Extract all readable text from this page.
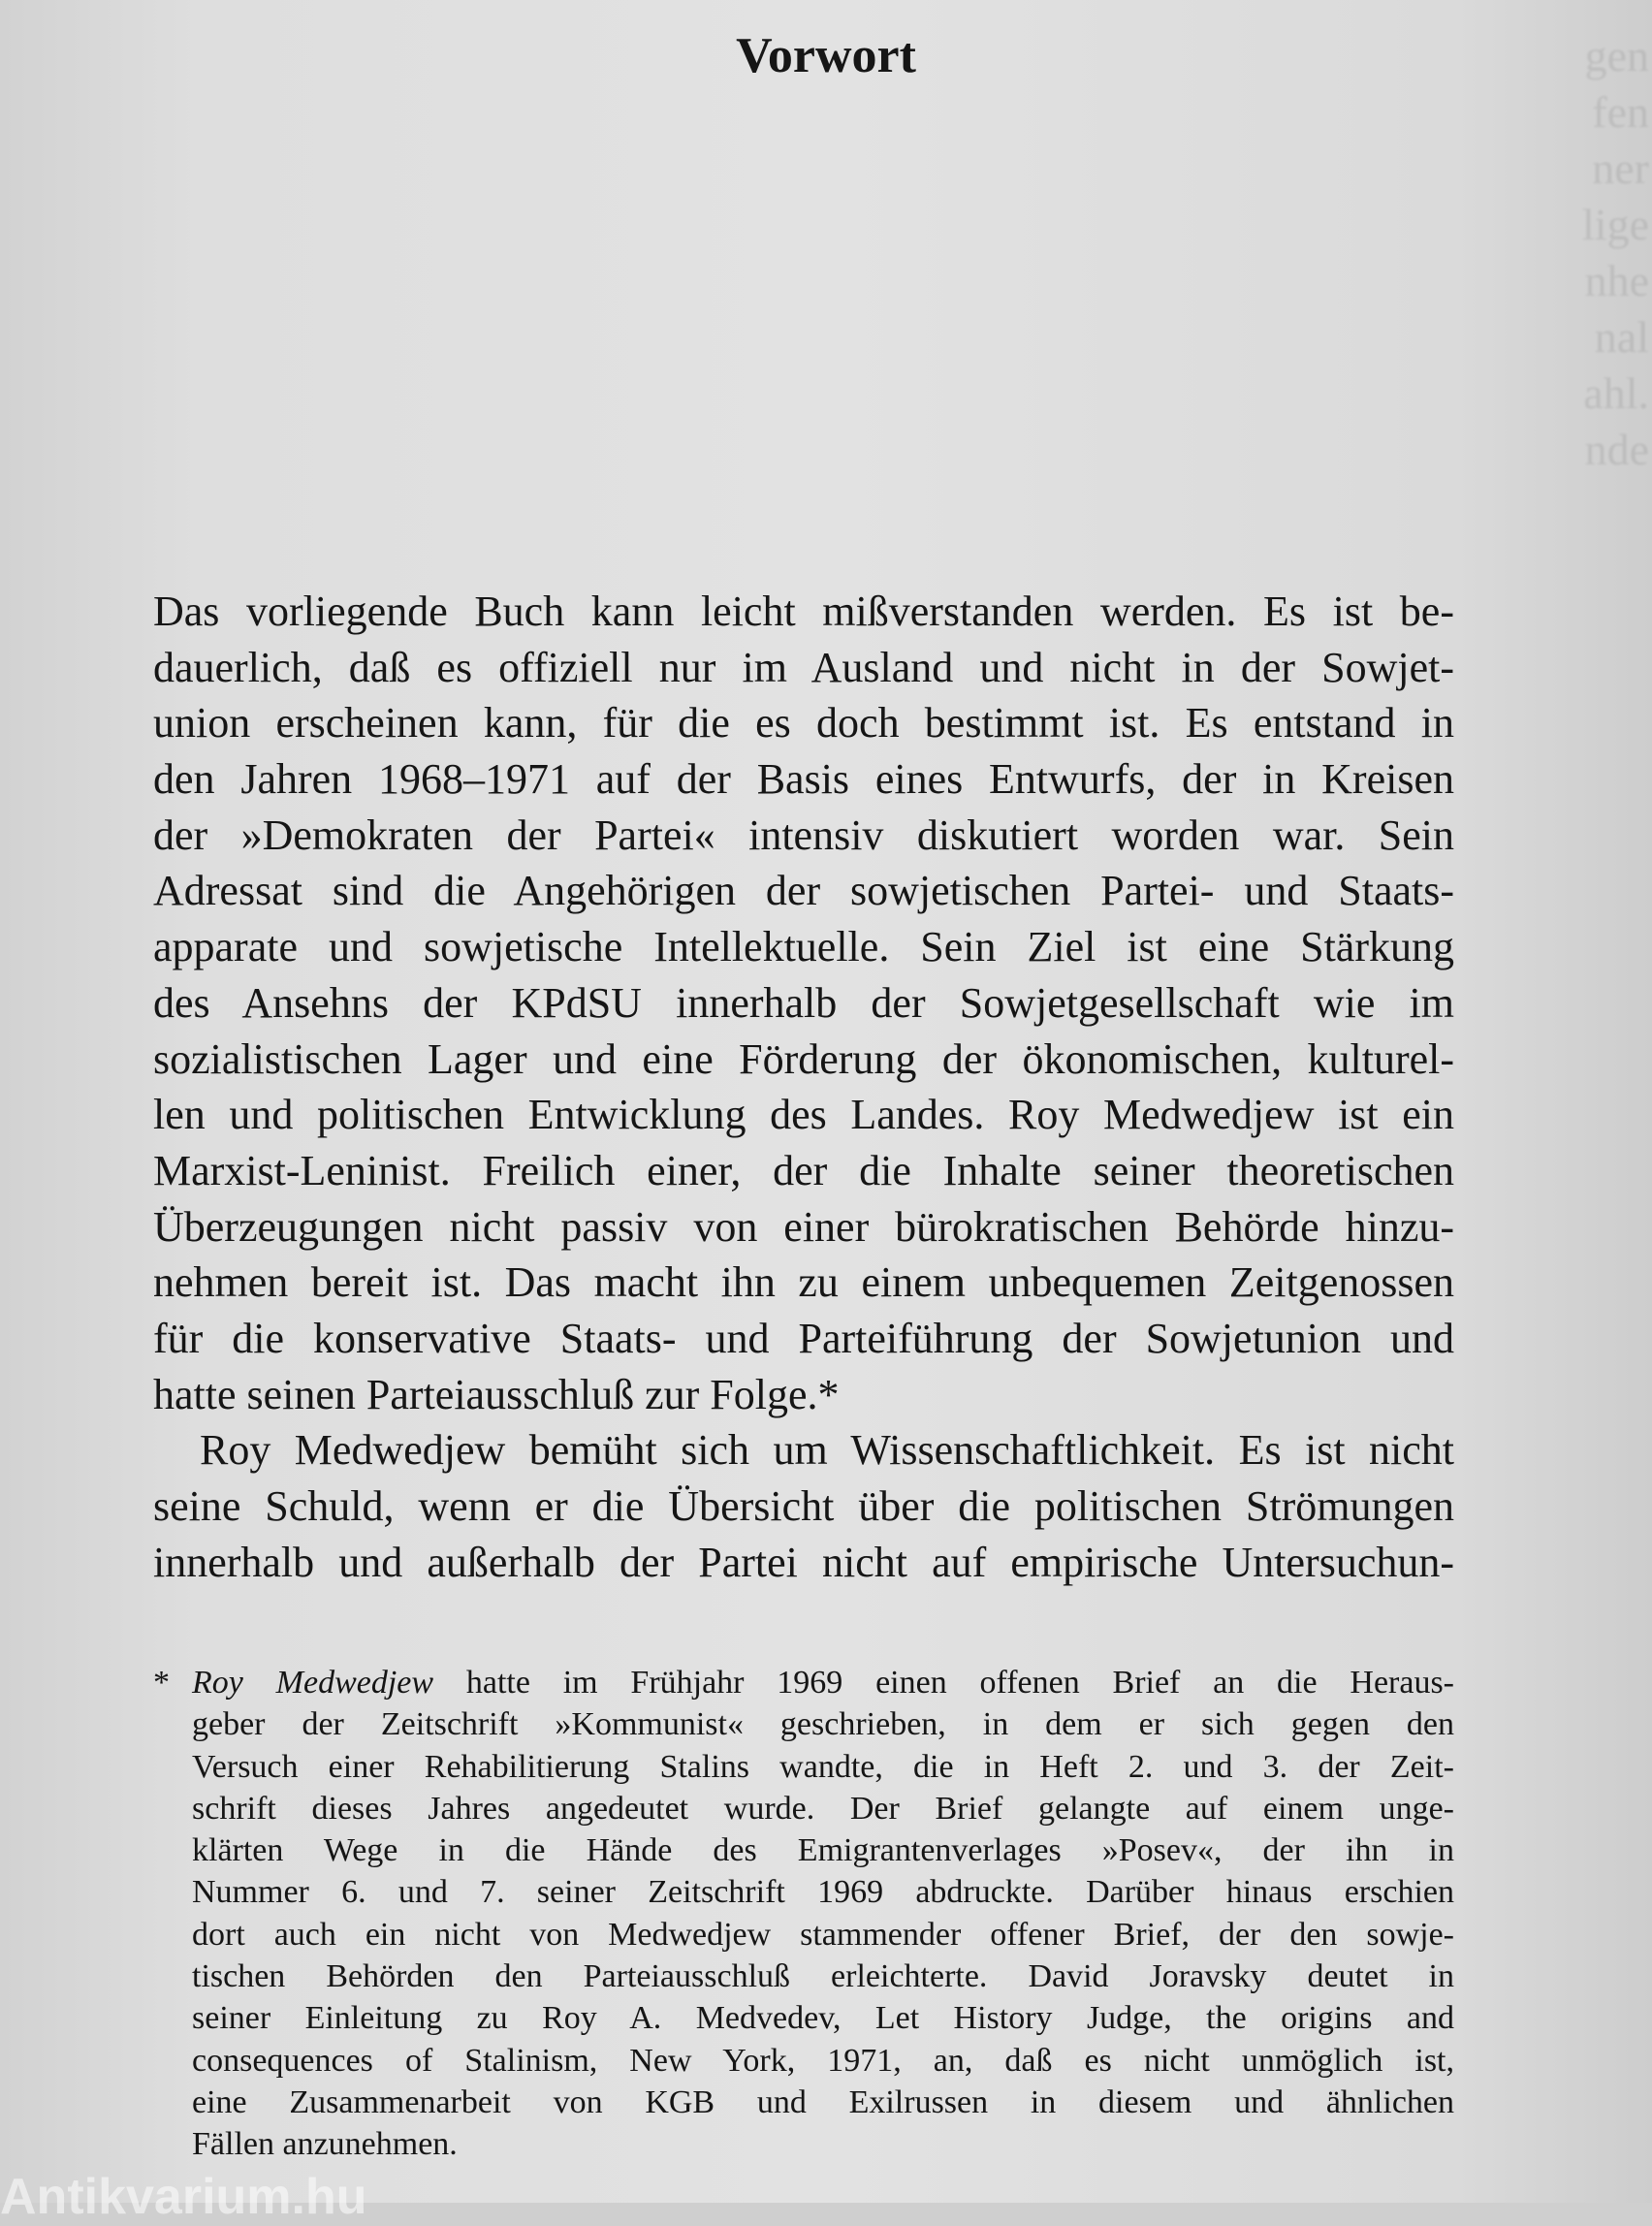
gen
fen
ner
lige
nhe
nal
ahl.
nde
Vorwort
Das vorliegende Buch kann leicht mißverstanden werden. Es ist be-
dauerlich, daß es offiziell nur im Ausland und nicht in der Sowjet-
union erscheinen kann, für die es doch bestimmt ist. Es entstand in
den Jahren 1968–1971 auf der Basis eines Entwurfs, der in Kreisen
der »Demokraten der Partei« intensiv diskutiert worden war. Sein
Adressat sind die Angehörigen der sowjetischen Partei- und Staats-
apparate und sowjetische Intellektuelle. Sein Ziel ist eine Stärkung
des Ansehns der KPdSU innerhalb der Sowjetgesellschaft wie im
sozialistischen Lager und eine Förderung der ökonomischen, kulturel-
len und politischen Entwicklung des Landes. Roy Medwedjew ist ein
Marxist-Leninist. Freilich einer, der die Inhalte seiner theoretischen
Überzeugungen nicht passiv von einer bürokratischen Behörde hinzu-
nehmen bereit ist. Das macht ihn zu einem unbequemen Zeitgenossen
für die konservative Staats- und Parteiführung der Sowjetunion und
hatte seinen Parteiausschluß zur Folge.*
Roy Medwedjew bemüht sich um Wissenschaftlichkeit. Es ist nicht
seine Schuld, wenn er die Übersicht über die politischen Strömungen
innerhalb und außerhalb der Partei nicht auf empirische Untersuchun-
* Roy Medwedjew hatte im Frühjahr 1969 einen offenen Brief an die Heraus-
geber der Zeitschrift »Kommunist« geschrieben, in dem er sich gegen den
Versuch einer Rehabilitierung Stalins wandte, die in Heft 2. und 3. der Zeit-
schrift dieses Jahres angedeutet wurde. Der Brief gelangte auf einem unge-
klärten Wege in die Hände des Emigrantenverlages »Posev«, der ihn in
Nummer 6. und 7. seiner Zeitschrift 1969 abdruckte. Darüber hinaus erschien
dort auch ein nicht von Medwedjew stammender offener Brief, der den sowje-
tischen Behörden den Parteiausschluß erleichterte. David Joravsky deutet in
seiner Einleitung zu Roy A. Medvedev, Let History Judge, the origins and
consequences of Stalinism, New York, 1971, an, daß es nicht unmöglich ist,
eine Zusammenarbeit von KGB und Exilrussen in diesem und ähnlichen
Fällen anzunehmen.
Antikvarium.hu
